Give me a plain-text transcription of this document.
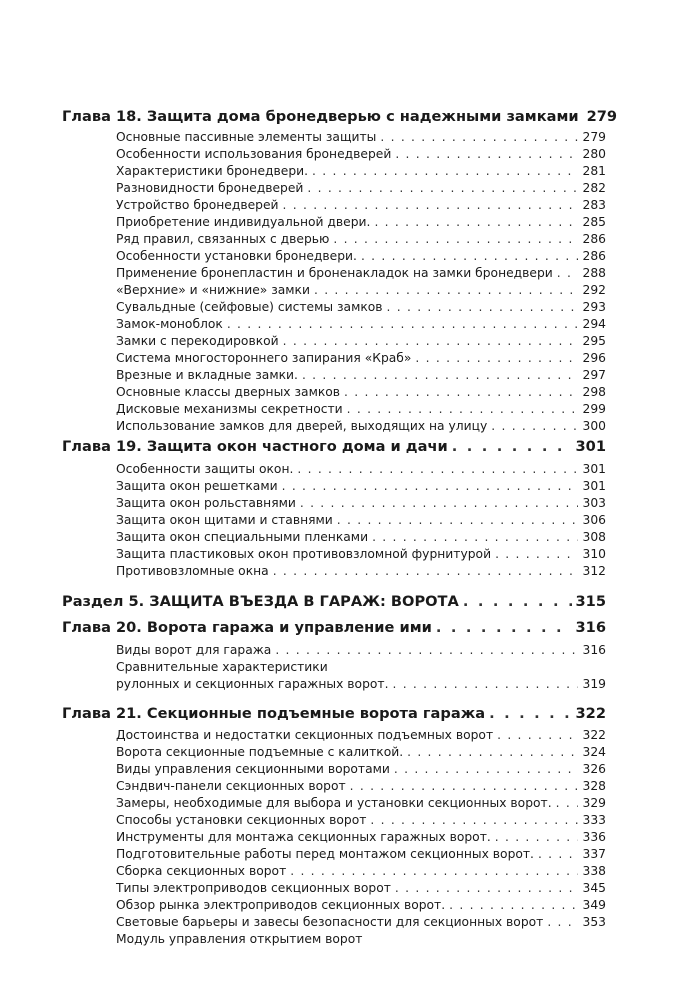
Глава 18. Защита дома бронедверью с надежными замками 279
Основные пассивные элементы защиты . . .	279
Особенности использования бронедверей . . .	280
Характеристики бронедвери. . . .	281
Разновидности бронедверей . . .	282
Устройство бронедверей . . .	283
Приобретение индивидуальной двери. . . .	285
Ряд правил, связанных с дверью . . .	286
Особенности установки бронедвери. . . .	286
Применение бронепластин и броненакладок на замки бронедвери . . . 288
«Верхние» и «нижние» замки . . .	292
Сувальдные (сейфовые) системы замков . . .	293
Замок-моноблок . . .	294
Замки с перекодировкой . . .	295
Система многостороннего запирания «Краб» . . .	296
Врезные и вкладные замки. . . .	297
Основные классы дверных замков . . .	298
Дисковые механизмы секретности . . .	299
Использование замков для дверей, выходящих на улицу . . .	300
Глава 19. Защита окон частного дома и дачи . . .	301
Особенности защиты окон. . . .	301
Защита окон решетками . . .	301
Защита окон рольставнями . . .	303
Защита окон щитами и ставнями . . .	306
Защита окон специальными пленками . . .	308
Защита пластиковых окон противовзломной фурнитурой . . .	310
Противовзломные окна . . .	312
Раздел 5. ЗАЩИТА ВЪЕЗДА В ГАРАЖ: ВОРОТА . . .	315
Глава 20. Ворота гаража и управление ими . . .	316
Виды ворот для гаража . . .	316
Сравнительные характеристики
рулонных и секционных гаражных ворот. . . .	319
Глава 21. Секционные подъемные ворота гаража . . .	322
Достоинства и недостатки секционных подъемных ворот . . .	322
Ворота секционные подъемные с калиткой. . . .	324
Виды управления секционными воротами . . .	326
Сэндвич-панели секционных ворот . . .	328
Замеры, необходимые для выбора и установки секционных ворот. . . .	329
Способы установки секционных ворот . . .	333
Инструменты для монтажа секционных гаражных ворот. . . .	336
Подготовительные работы перед монтажом секционных ворот. . . .	337
Сборка секционных ворот . . .	338
Типы электроприводов секционных ворот . . .	345
Обзор рынка электроприводов секционных ворот. . . .	349
Световые барьеры и завесы безопасности для секционных ворот . . .	353
Модуль управления открытием ворот
